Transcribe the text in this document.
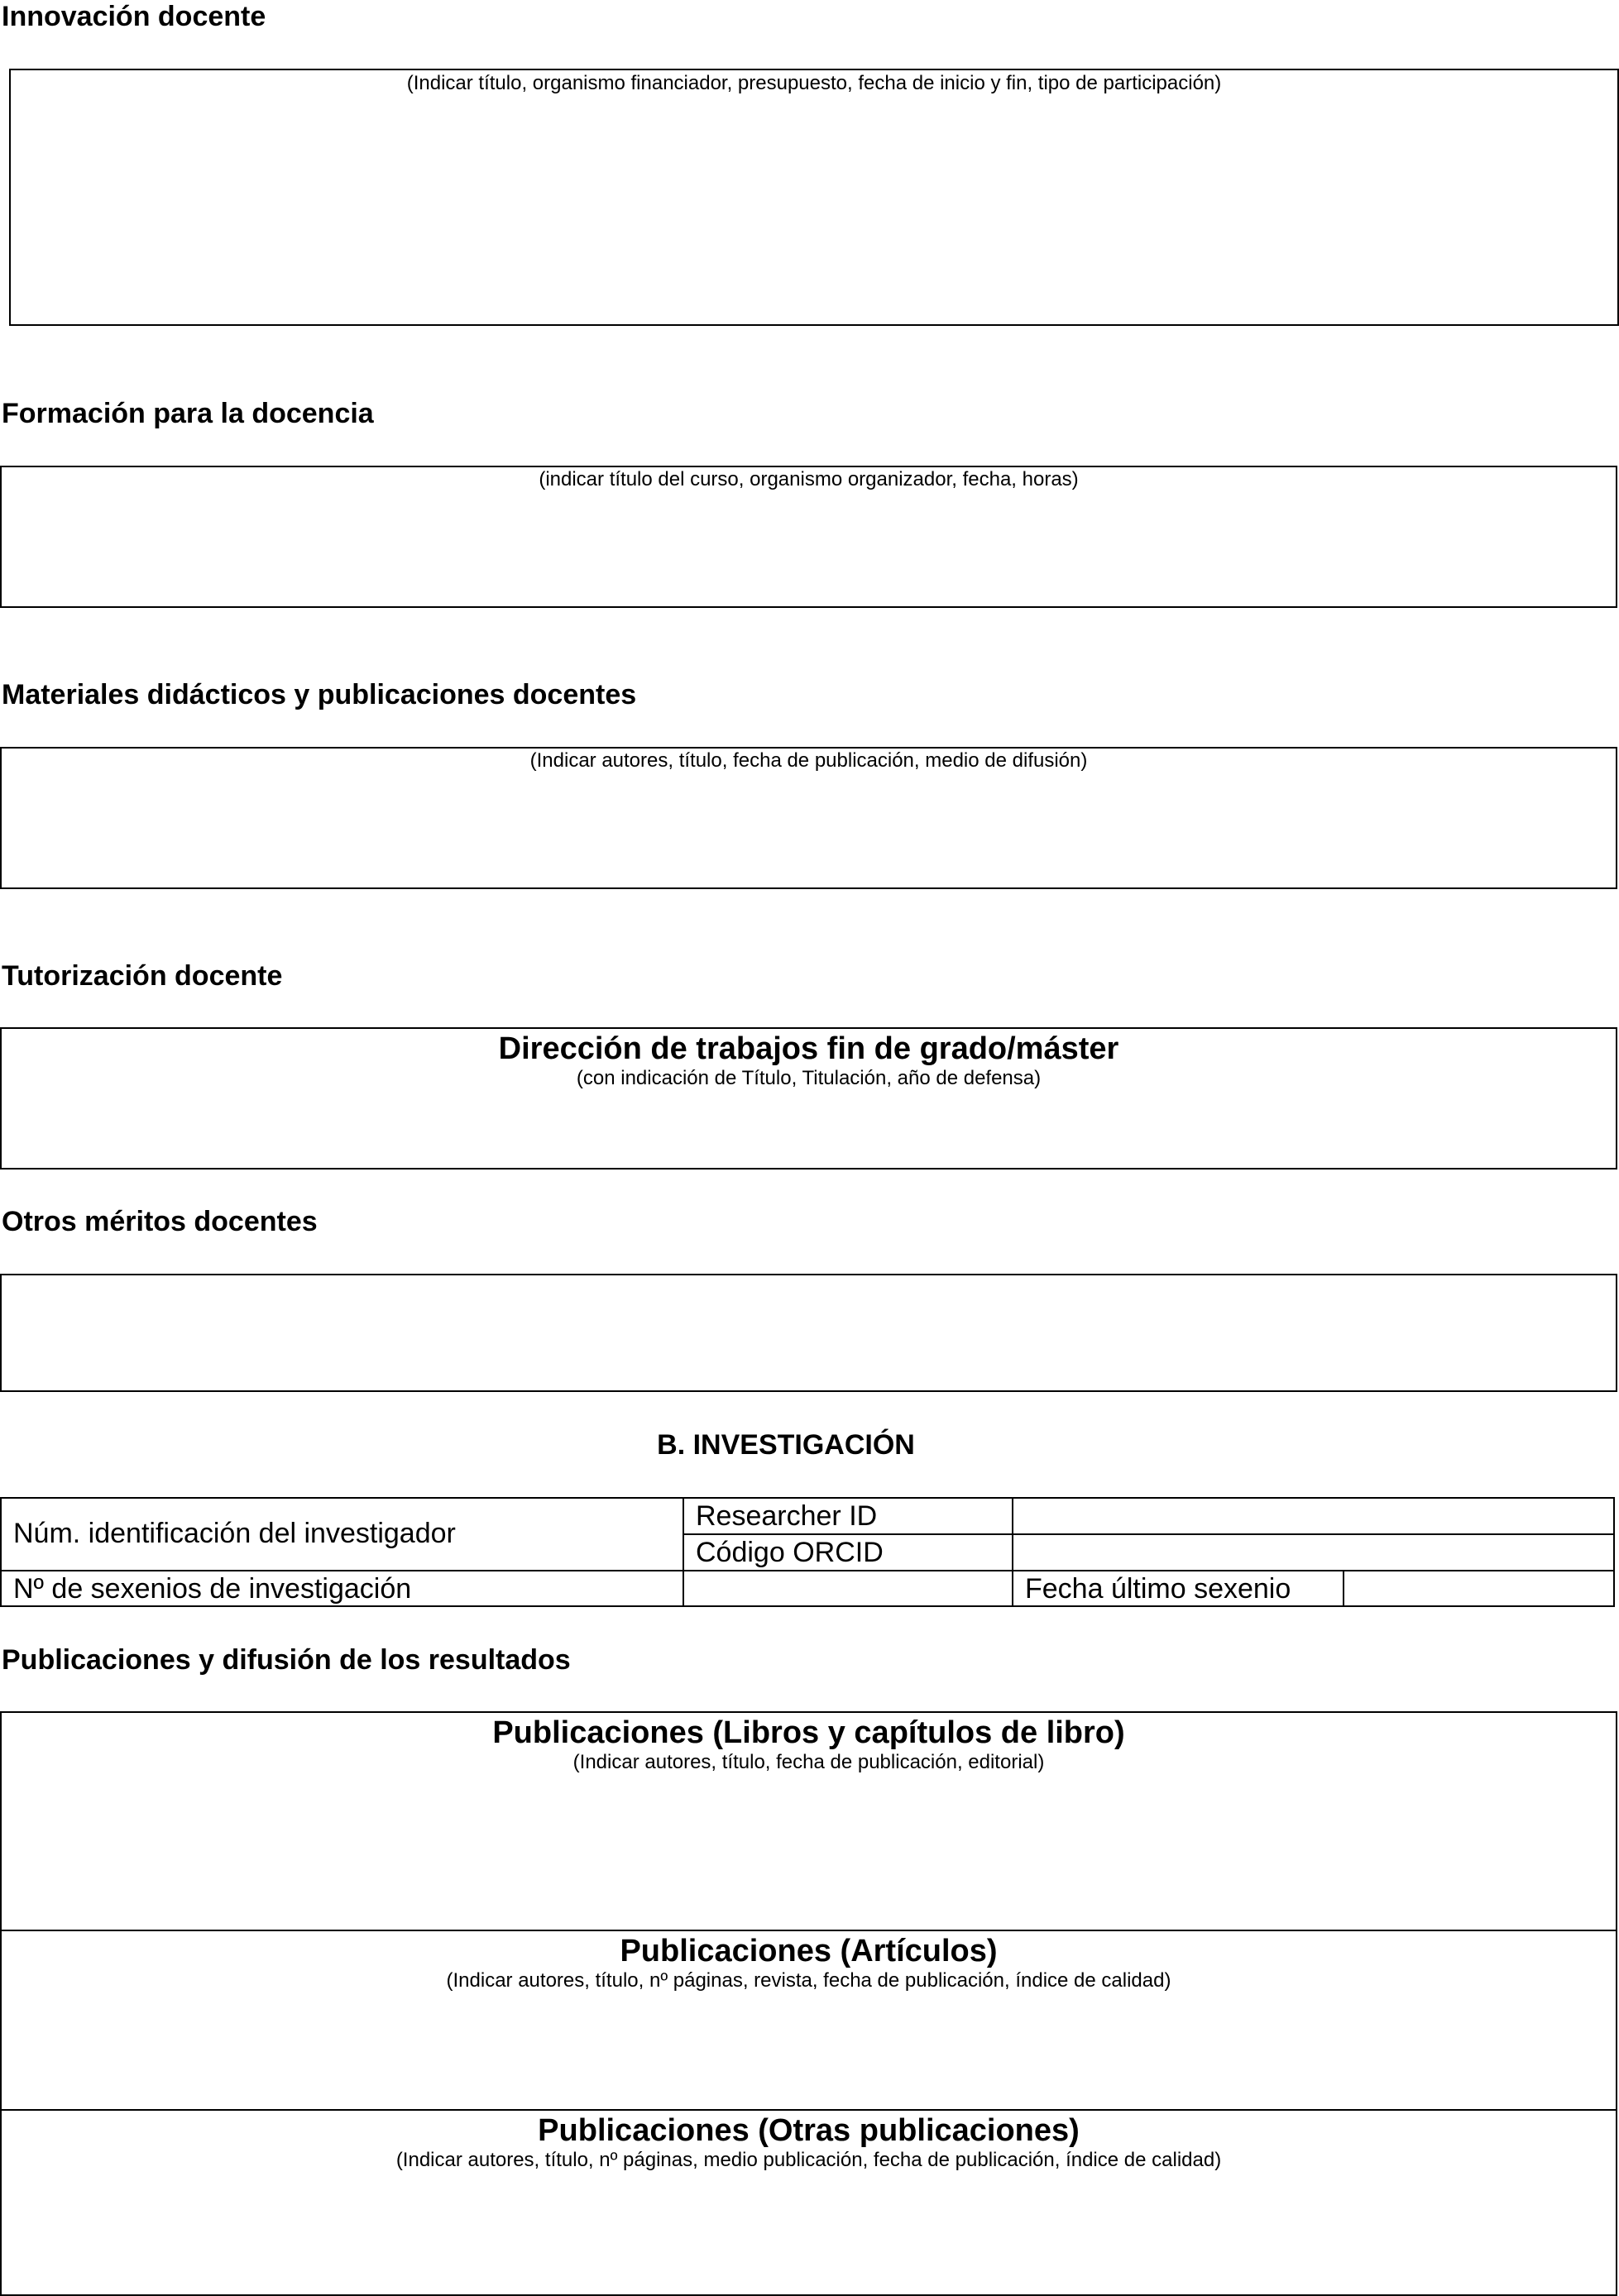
Innovación docente
(Indicar título, organismo financiador, presupuesto, fecha de inicio y fin, tipo de participación)
Formación para la docencia
(indicar título del curso, organismo organizador, fecha, horas)
Materiales didácticos y publicaciones docentes
(Indicar autores, título, fecha de publicación, medio de difusión)
Tutorización docente
Dirección de trabajos fin de grado/máster
(con indicación de Título, Titulación, año de defensa)
Otros méritos docentes
B. INVESTIGACIÓN
Núm. identificación del investigador
Researcher ID
Código ORCID
Nº de sexenios de investigación	Fecha último sexenio
Publicaciones y difusión de los resultados
Publicaciones (Libros y capítulos de libro)
(Indicar autores, título, fecha de publicación, editorial)
Publicaciones (Artículos)
(Indicar autores, título, nº páginas, revista, fecha de publicación, índice de calidad)
Publicaciones (Otras publicaciones)
(Indicar autores, título, nº páginas, medio publicación, fecha de publicación, índice de calidad)
